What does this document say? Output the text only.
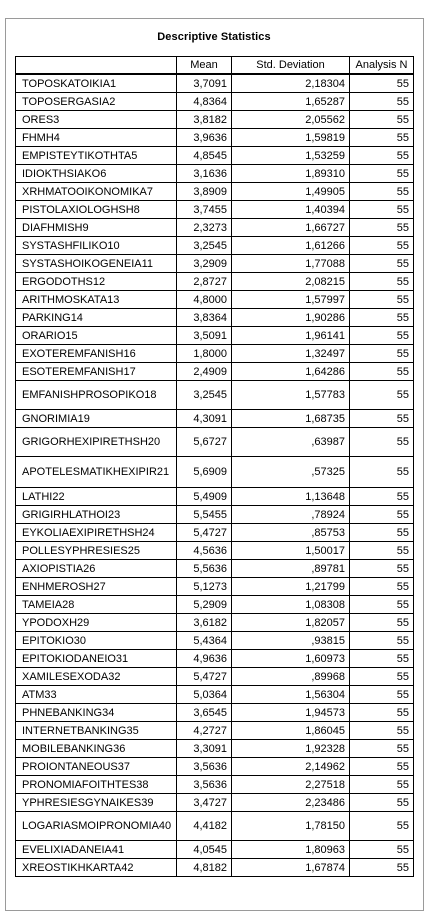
Descriptive Statistics
	Mean	Std. Deviation	Analysis N
TOPOSKATOIKIA1	3,7091	2,18304	55
TOPOSERGASIA2	4,8364	1,65287	55
ORES3	3,8182	2,05562	55
FHMH4	3,9636	1,59819	55
EMPISTEYTIKOTHTA5	4,8545	1,53259	55
IDIOKTHSIAKO6	3,1636	1,89310	55
XRHMATOOIKONOMIKA7	3,8909	1,49905	55
PISTOLAXIOLOGHSH8	3,7455	1,40394	55
DIAFHMISH9	2,3273	1,66727	55
SYSTASHFILIKO10	3,2545	1,61266	55
SYSTASHOIKOGENEIA11	3,2909	1,77088	55
ERGODOTHS12	2,8727	2,08215	55
ARITHMOSKATA13	4,8000	1,57997	55
PARKING14	3,8364	1,90286	55
ORARIO15	3,5091	1,96141	55
EXOTEREMFANISH16	1,8000	1,32497	55
ESOTEREMFANISH17	2,4909	1,64286	55
EMFANISHPROSOPIKO18	3,2545	1,57783	55
GNORIMIA19	4,3091	1,68735	55
GRIGORHEXIPIRETHSH20	5,6727	,63987	55
APOTELESMATIKHEXIPIR21	5,6909	,57325	55
LATHI22	5,4909	1,13648	55
GRIGIRHLATHOI23	5,5455	,78924	55
EYKOLIAEXIPIRETHSH24	5,4727	,85753	55
POLLESYPHRESIES25	4,5636	1,50017	55
AXIOPISTIA26	5,5636	,89781	55
ENHMEROSH27	5,1273	1,21799	55
TAMEIA28	5,2909	1,08308	55
YPODOXH29	3,6182	1,82057	55
EPITOKIO30	5,4364	,93815	55
EPITOKIODANEIO31	4,9636	1,60973	55
XAMILESEXODA32	5,4727	,89968	55
ATM33	5,0364	1,56304	55
PHNEBANKING34	3,6545	1,94573	55
INTERNETBANKING35	4,2727	1,86045	55
MOBILEBANKING36	3,3091	1,92328	55
PROIONTANEOUS37	3,5636	2,14962	55
PRONOMIAFOITHTES38	3,5636	2,27518	55
YPHRESIESGYNAIKES39	3,4727	2,23486	55
LOGARIASMOIPRONOMIA40	4,4182	1,78150	55
EVELIXIADANEIA41	4,0545	1,80963	55
XREOSTIKHKARTA42	4,8182	1,67874	55
